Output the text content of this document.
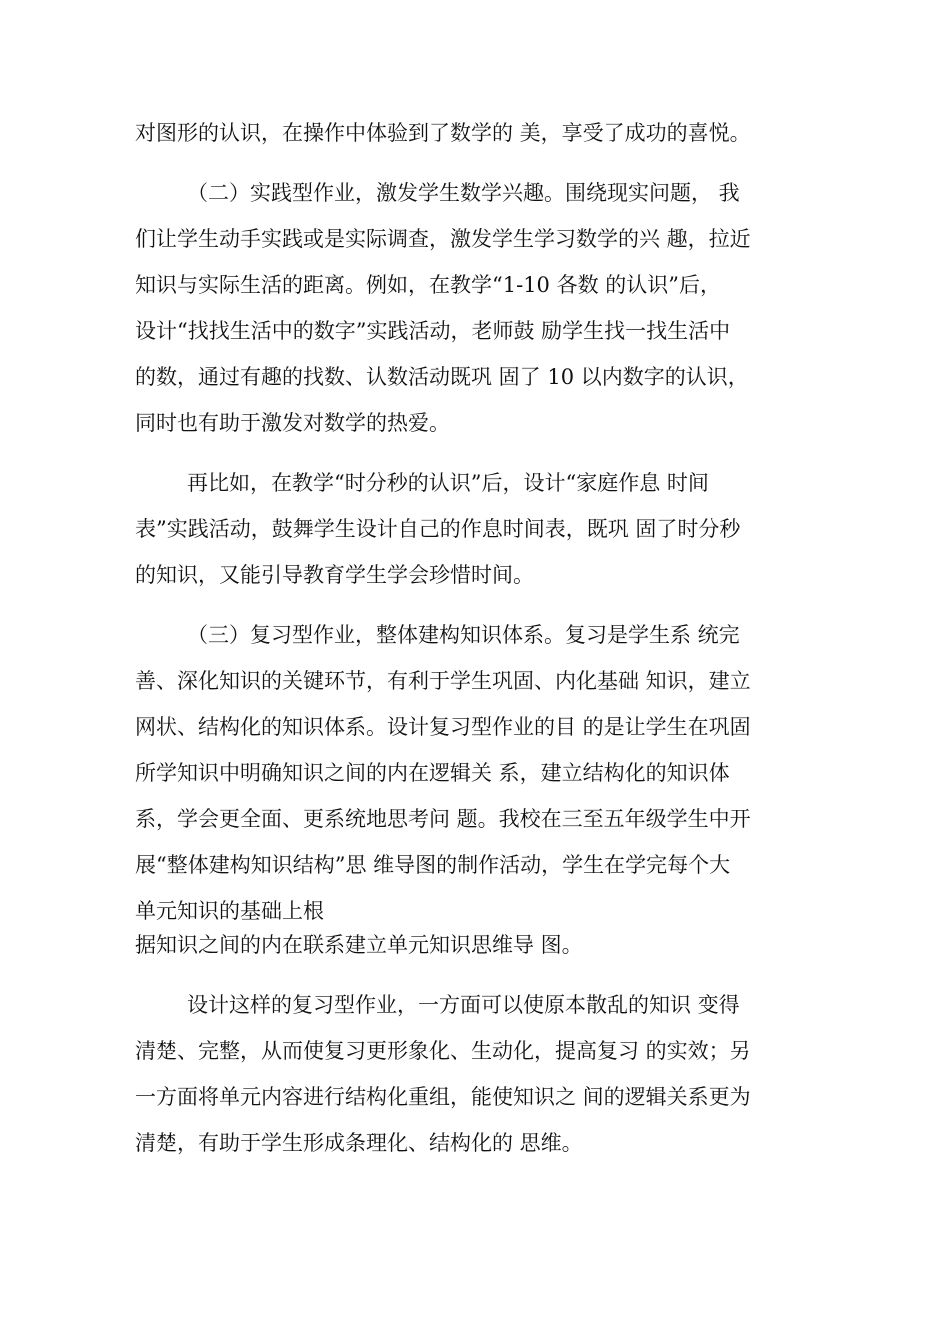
对图形的认识，在操作中体验到了数学的 美，享受了成功的喜悦。
（二）实践型作业，激发学生数学兴趣。围绕现实问题， 我
们让学生动手实践或是实际调查，激发学生学习数学的兴 趣，拉近
知识与实际生活的距离。例如，在教学“1-10 各数 的认识”后，
设计“找找生活中的数字”实践活动，老师鼓 励学生找一找生活中
的数，通过有趣的找数、认数活动既巩 固了 10 以内数字的认识，
同时也有助于激发对数学的热爱。
再比如，在教学“时分秒的认识”后，设计“家庭作息 时间
表”实践活动，鼓舞学生设计自己的作息时间表，既巩 固了时分秒
的知识，又能引导教育学生学会珍惜时间。
（三）复习型作业，整体建构知识体系。复习是学生系 统完
善、深化知识的关键环节，有利于学生巩固、内化基础 知识，建立
网状、结构化的知识体系。设计复习型作业的目 的是让学生在巩固
所学知识中明确知识之间的内在逻辑关 系，建立结构化的知识体
系，学会更全面、更系统地思考问 题。我校在三至五年级学生中开
展“整体建构知识结构”思 维导图的制作活动，学生在学完每个大
单元知识的基础上根
据知识之间的内在联系建立单元知识思维导 图。
设计这样的复习型作业，一方面可以使原本散乱的知识 变得
清楚、完整，从而使复习更形象化、生动化，提高复习 的实效；另
一方面将单元内容进行结构化重组，能使知识之 间的逻辑关系更为
清楚，有助于学生形成条理化、结构化的 思维。
